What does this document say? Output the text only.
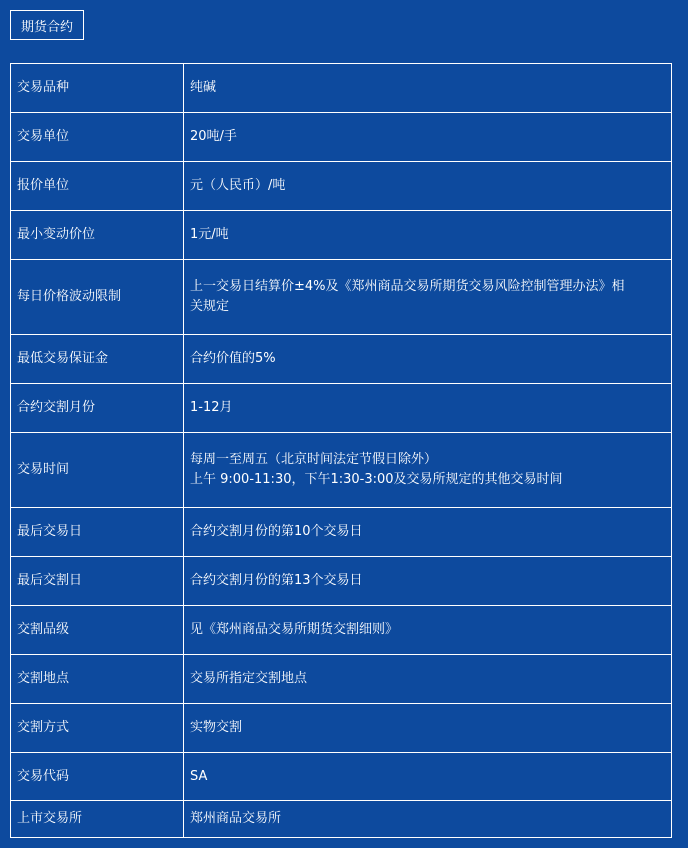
期货合约
交易品种	纯碱

交易单位	20吨/手

报价单位	元（人民币）/吨

最小变动价位	1元/吨

每日价格波动限制	上一交易日结算价±4%及《郑州商品交易所期货交易风险控制管理办法》相
关规定

最低交易保证金	合约价值的5%

合约交割月份	1-12月

交易时间	每周一至周五（北京时间法定节假日除外）
上午 9:00-11:30，下午1:30-3:00及交易所规定的其他交易时间

最后交易日	合约交割月份的第10个交易日

最后交割日	合约交割月份的第13个交易日

交割品级	见《郑州商品交易所期货交割细则》

交割地点	交易所指定交割地点

交割方式	实物交割

交易代码	SA

上市交易所	郑州商品交易所
